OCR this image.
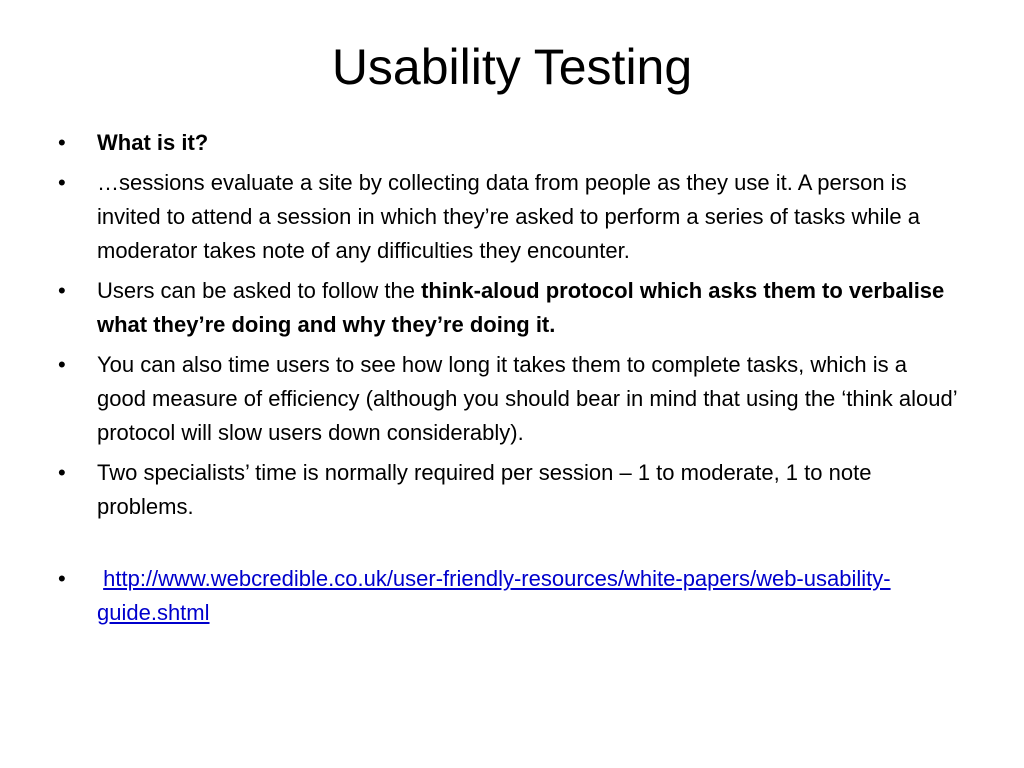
Usability Testing
•	What is it?
•	…sessions evaluate a site by collecting data from people as they use it. A person is invited to attend a session in which they’re asked to perform a series of tasks while a moderator takes note of any difficulties they encounter.
•	Users can be asked to follow the think-aloud protocol which asks them to verbalise what they’re doing and why they’re doing it.
•	You can also time users to see how long it takes them to complete tasks, which is a good measure of efficiency (although you should bear in mind that using the ‘think aloud’ protocol will slow users down considerably).
•	Two specialists’ time is normally required per session – 1 to moderate, 1 to note problems.
•	http://www.webcredible.co.uk/user-friendly-resources/white-papers/web-usability-guide.shtml
